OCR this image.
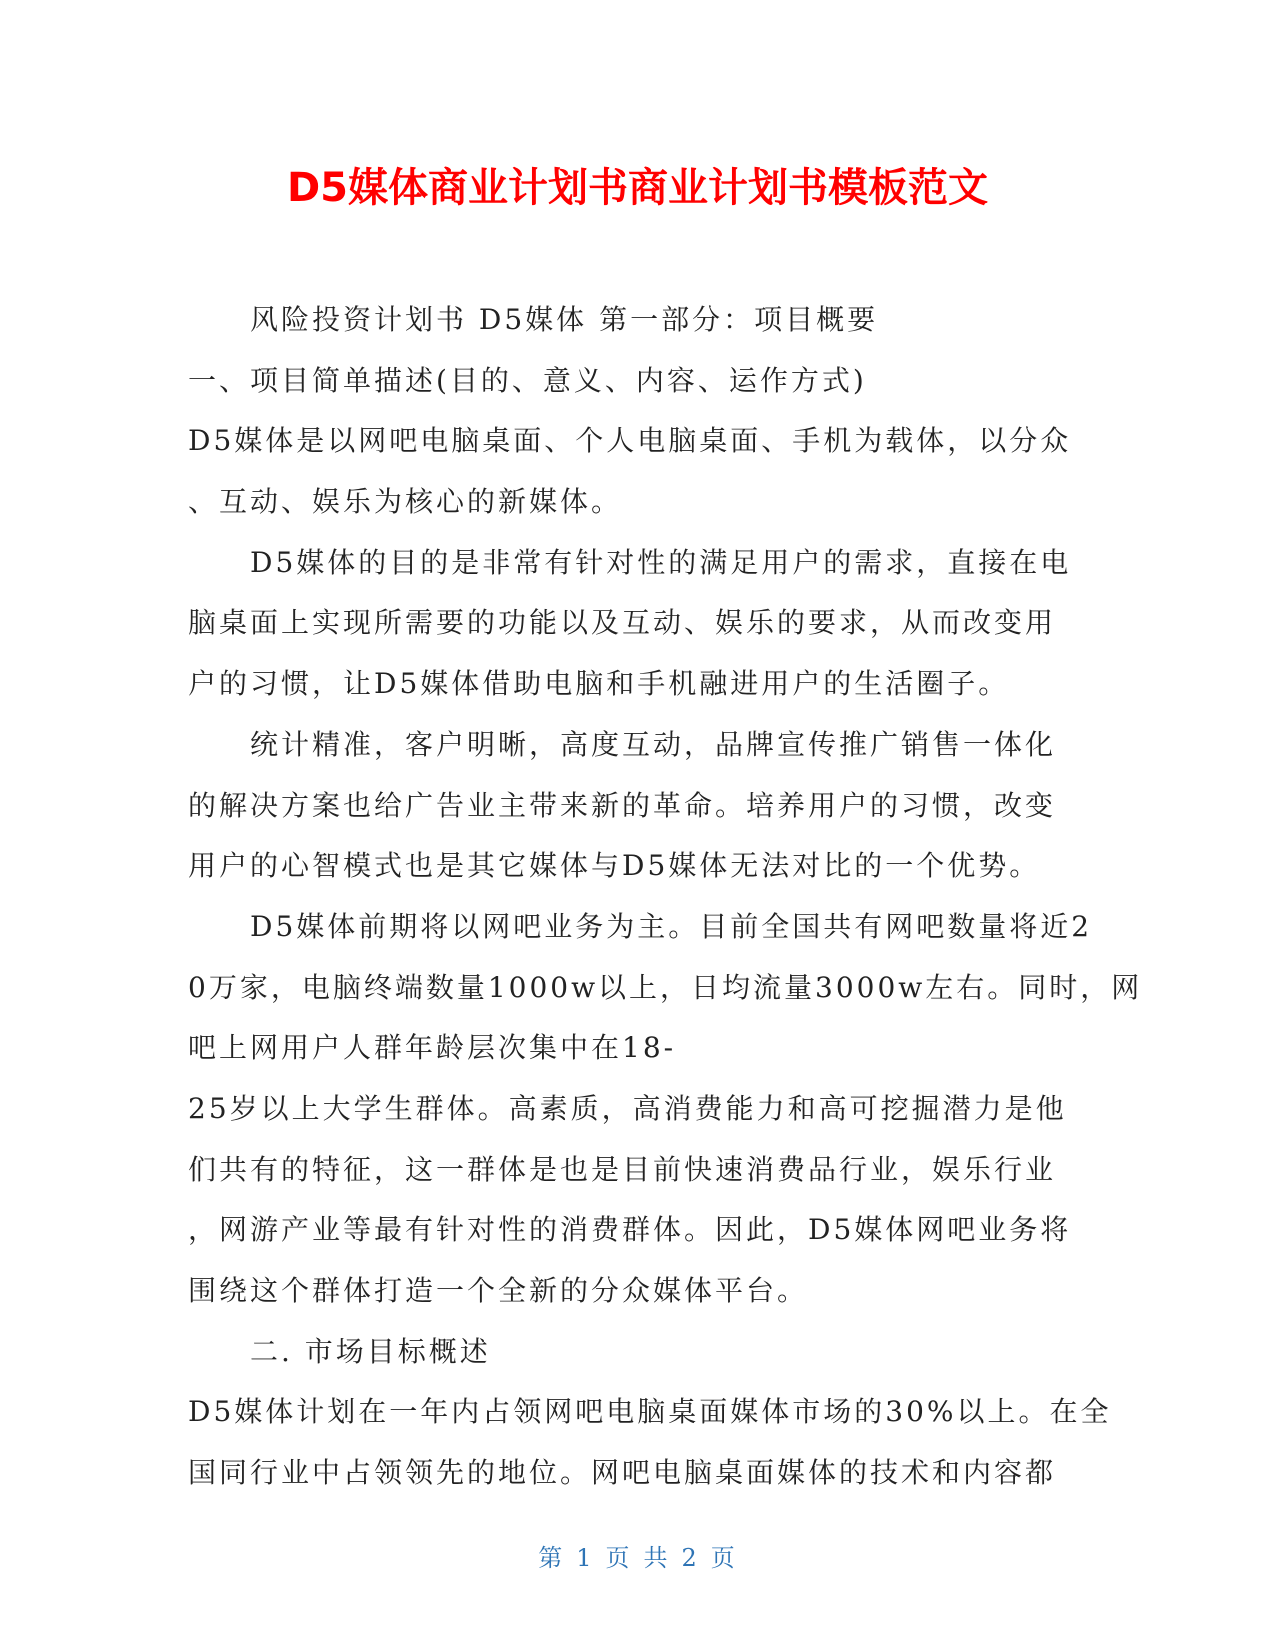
D5媒体商业计划书商业计划书模板范文
风险投资计划书 D5媒体 第一部分：项目概要
一、项目简单描述(目的、意义、内容、运作方式)
D5媒体是以网吧电脑桌面、个人电脑桌面、手机为载体，以分众
、互动、娱乐为核心的新媒体。
D5媒体的目的是非常有针对性的满足用户的需求，直接在电
脑桌面上实现所需要的功能以及互动、娱乐的要求，从而改变用
户的习惯，让D5媒体借助电脑和手机融进用户的生活圈子。
统计精准，客户明晰，高度互动，品牌宣传推广销售一体化
的解决方案也给广告业主带来新的革命。培养用户的习惯，改变
用户的心智模式也是其它媒体与D5媒体无法对比的一个优势。
D5媒体前期将以网吧业务为主。目前全国共有网吧数量将近2
0万家，电脑终端数量1000w以上，日均流量3000w左右。同时，网
吧上网用户人群年龄层次集中在18-
25岁以上大学生群体。高素质，高消费能力和高可挖掘潜力是他
们共有的特征，这一群体是也是目前快速消费品行业，娱乐行业
，网游产业等最有针对性的消费群体。因此，D5媒体网吧业务将
围绕这个群体打造一个全新的分众媒体平台。
二. 市场目标概述
D5媒体计划在一年内占领网吧电脑桌面媒体市场的30%以上。在全
国同行业中占领领先的地位。网吧电脑桌面媒体的技术和内容都
第 1 页 共 2 页
